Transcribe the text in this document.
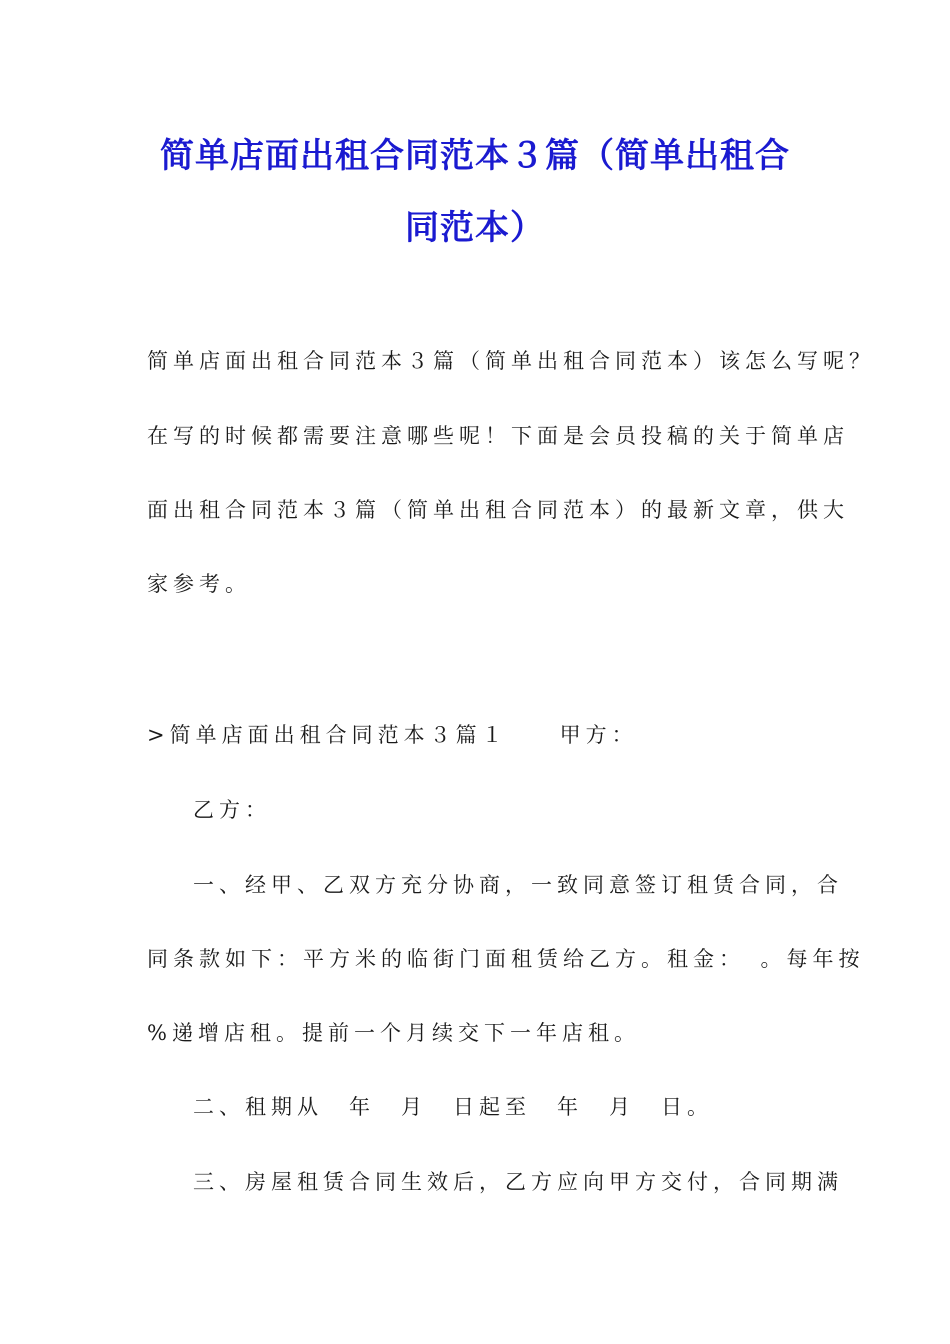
简单店面出租合同范本３篇（简单出租合
同范本）
简单店面出租合同范本３篇（简单出租合同范本）该怎么写呢？
在写的时候都需要注意哪些呢！下面是会员投稿的关于简单店
面出租合同范本３篇（简单出租合同范本）的最新文章，供大
家参考。
>简单店面出租合同范本３篇１　　甲方：
乙方：
一、经甲、乙双方充分协商，一致同意签订租赁合同，合
同条款如下：平方米的临街门面租赁给乙方。租金：　。每年按
%递增店租。提前一个月续交下一年店租。
二、租期从　年　月　日起至　年　月　日。
三、房屋租赁合同生效后，乙方应向甲方交付，合同期满
